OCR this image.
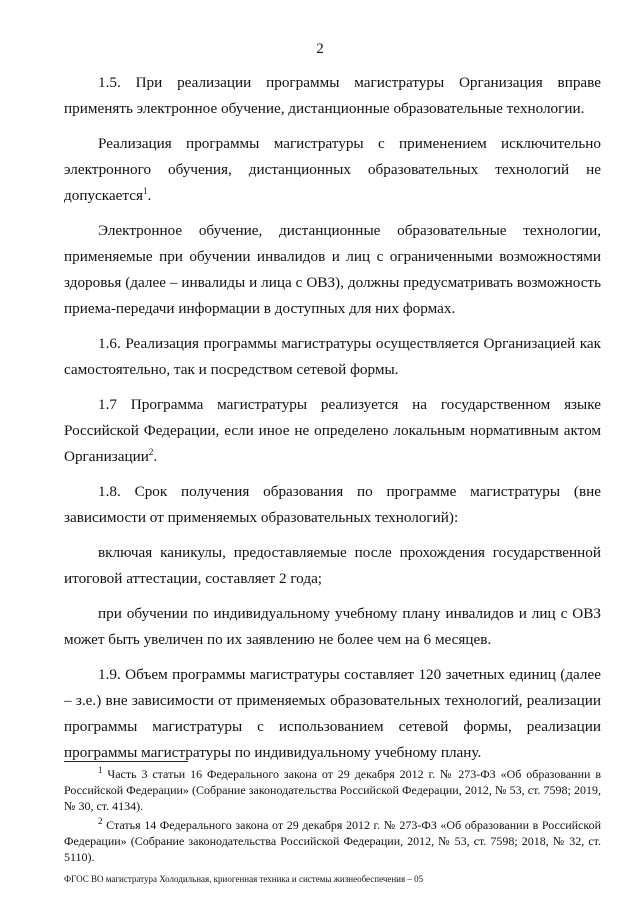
2

1.5. При реализации программы магистратуры Организация вправе применять электронное обучение, дистанционные образовательные технологии.

Реализация программы магистратуры с применением исключительно электронного обучения, дистанционных образовательных технологий не допускается$^1$.

Электронное обучение, дистанционные образовательные технологии, применяемые при обучении инвалидов и лиц с ограниченными возможностями здоровья (далее – инвалиды и лица с ОВЗ), должны предусматривать возможность приема-передачи информации в доступных для них формах.

1.6. Реализация программы магистратуры осуществляется Организацией как самостоятельно, так и посредством сетевой формы.

1.7 Программа магистратуры реализуется на государственном языке Российской Федерации, если иное не определено локальным нормативным актом Организации$^2$.

1.8. Срок получения образования по программе магистратуры (вне зависимости от применяемых образовательных технологий):

включая каникулы, предоставляемые после прохождения государственной итоговой аттестации, составляет 2 года;

при обучении по индивидуальному учебному плану инвалидов и лиц с ОВЗ может быть увеличен по их заявлению не более чем на 6 месяцев.

1.9. Объем программы магистратуры составляет 120 зачетных единиц (далее – з.е.) вне зависимости от применяемых образовательных технологий, реализации программы магистратуры с использованием сетевой формы, реализации программы магистратуры по индивидуальному учебному плану.

$^1$ Часть 3 статьи 16 Федерального закона от 29 декабря 2012 г. № 273-ФЗ «Об образовании в Российской Федерации» (Собрание законодательства Российской Федерации, 2012, № 53, ст. 7598; 2019, № 30, ст. 4134).

$^2$ Статья 14 Федерального закона от 29 декабря 2012 г. № 273-ФЗ «Об образовании в Российской Федерации» (Собрание законодательства Российской Федерации, 2012, № 53, ст. 7598; 2018, № 32, ст. 5110).

ФГОС ВО магистратура Холодильная, криогенная техника и системы жизнеобеспечения – 05
